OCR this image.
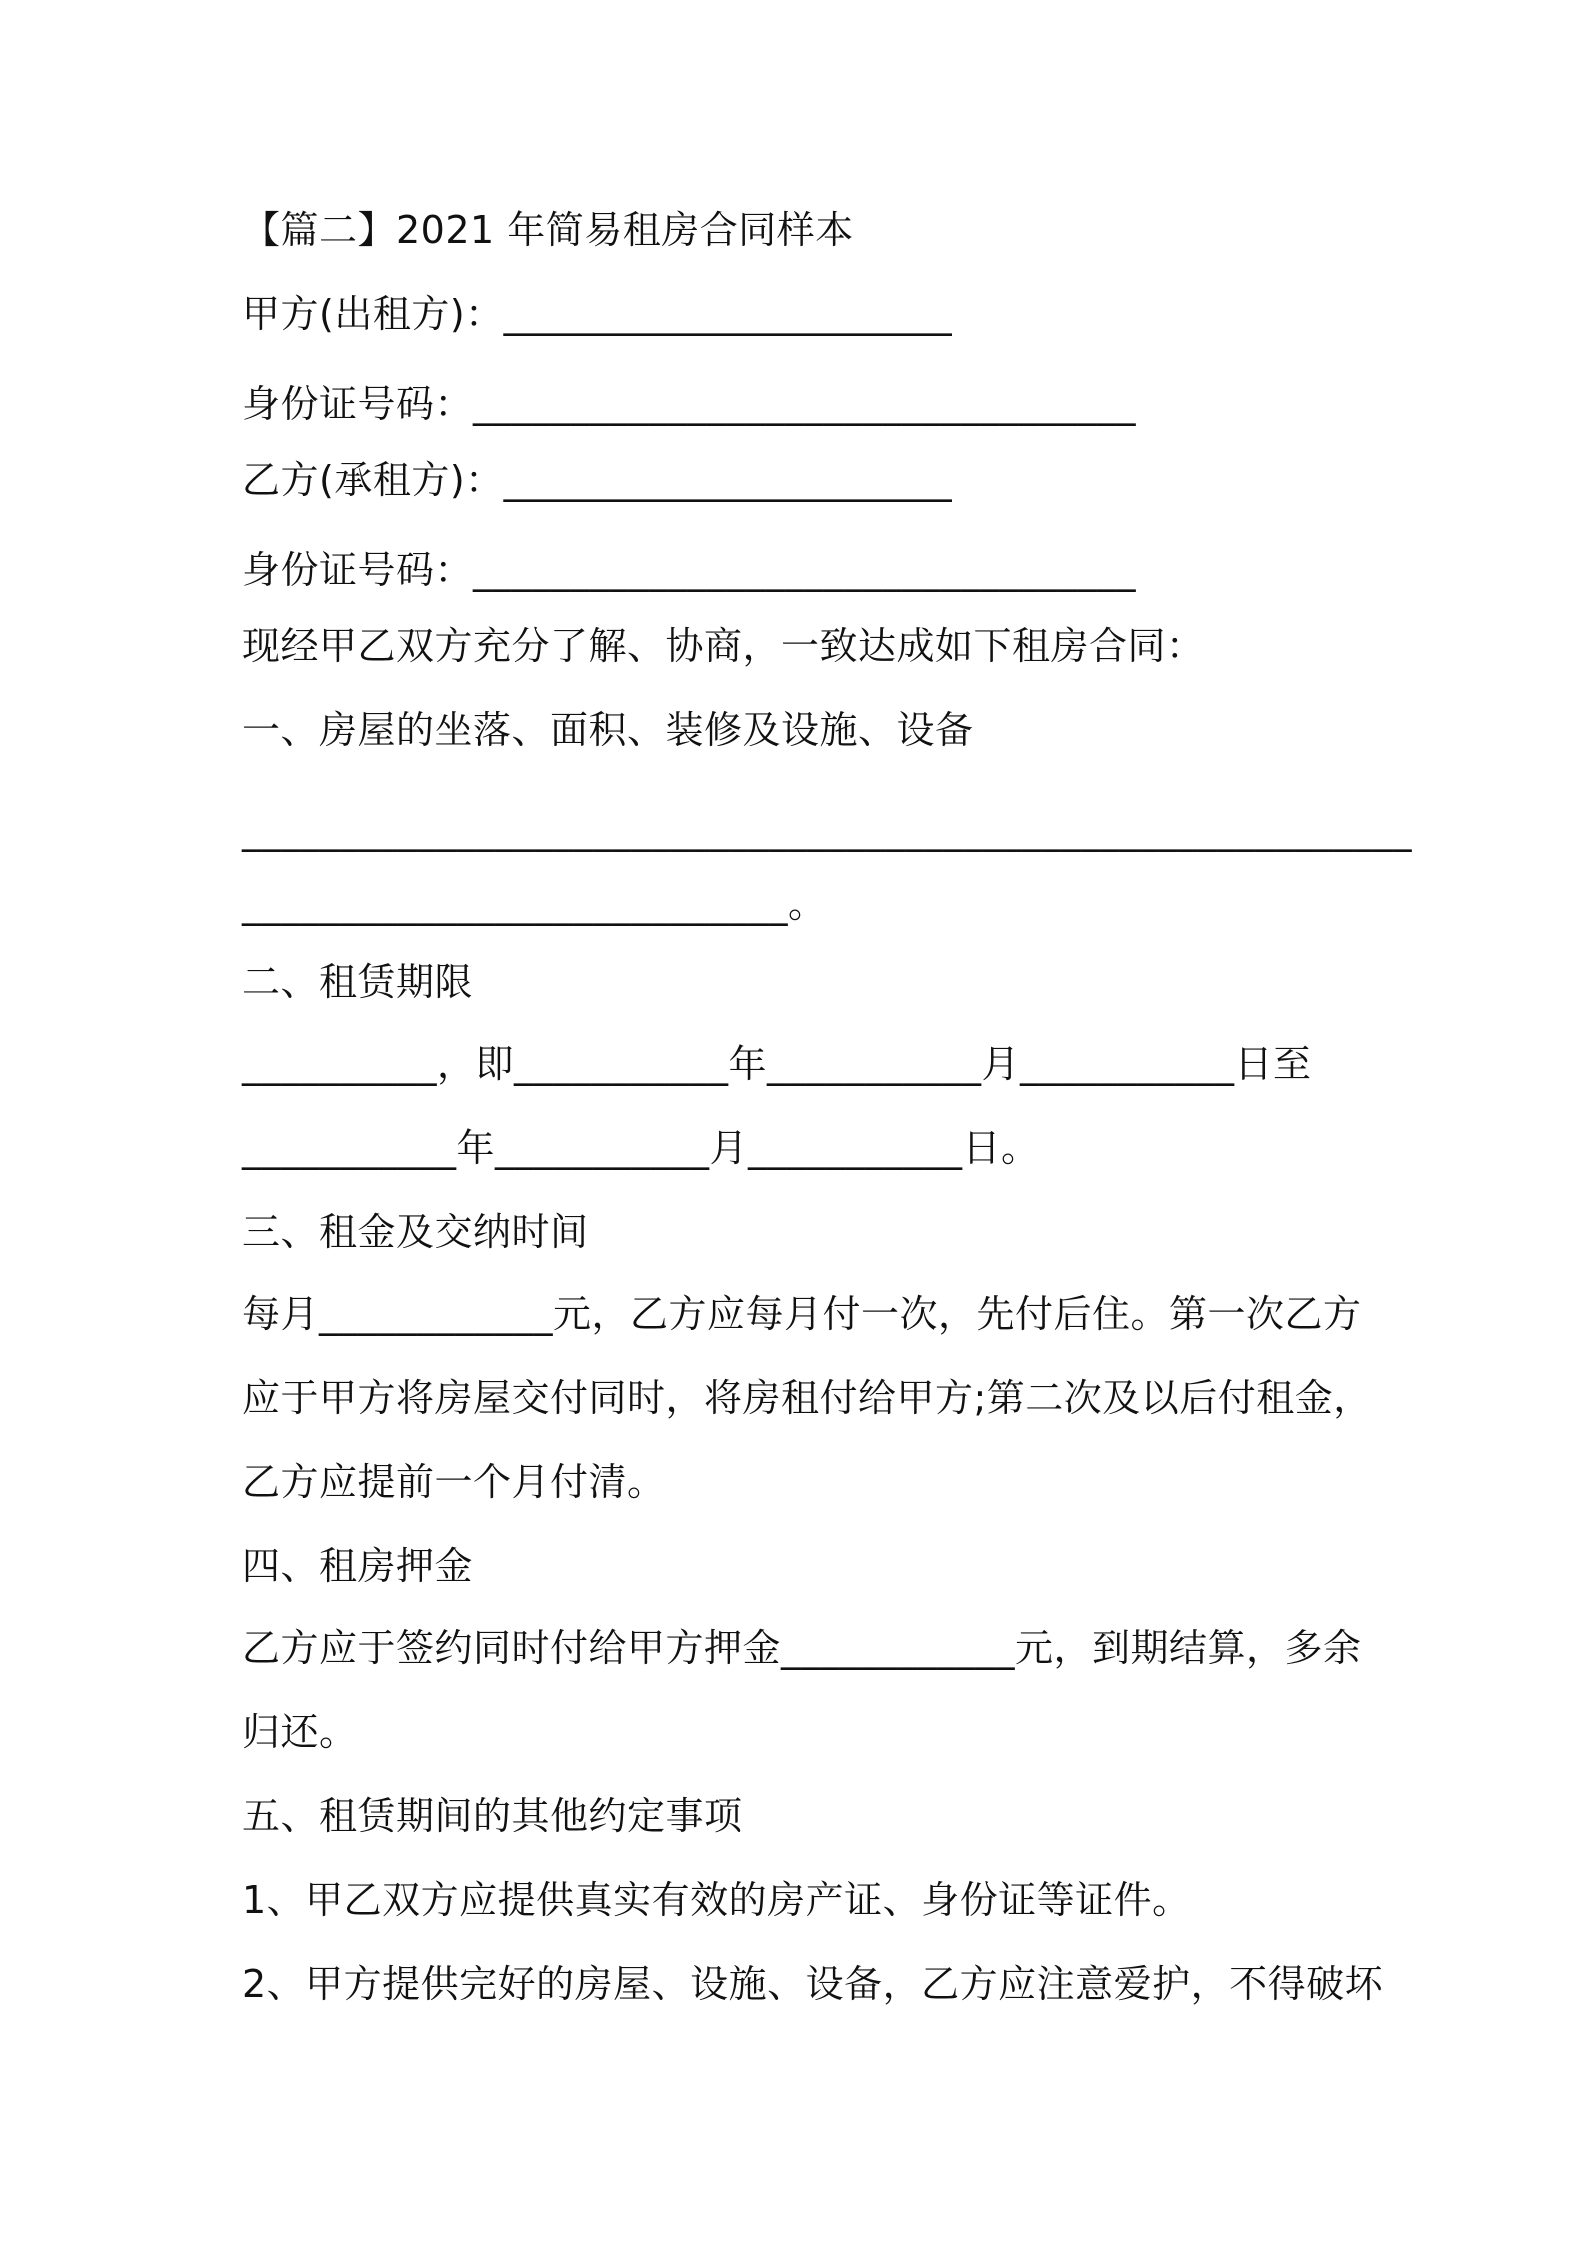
【篇二】2021 年简易租房合同样本
甲方(出租方)：_______________________
身份证号码：__________________________________
乙方(承租方)：_______________________
身份证号码：__________________________________
现经甲乙双方充分了解、协商，一致达成如下租房合同：
一、房屋的坐落、面积、装修及设施、设备
____________________________________________________________
____________________________。
二、租赁期限
__________，即___________年___________月___________日至
___________年___________月___________日。
三、租金及交纳时间
每月____________元，乙方应每月付一次，先付后住。第一次乙方
应于甲方将房屋交付同时，将房租付给甲方;第二次及以后付租金，
乙方应提前一个月付清。
四、租房押金
乙方应于签约同时付给甲方押金____________元，到期结算，多余
归还。
五、租赁期间的其他约定事项
1、甲乙双方应提供真实有效的房产证、身份证等证件。
2、甲方提供完好的房屋、设施、设备，乙方应注意爱护，不得破坏
